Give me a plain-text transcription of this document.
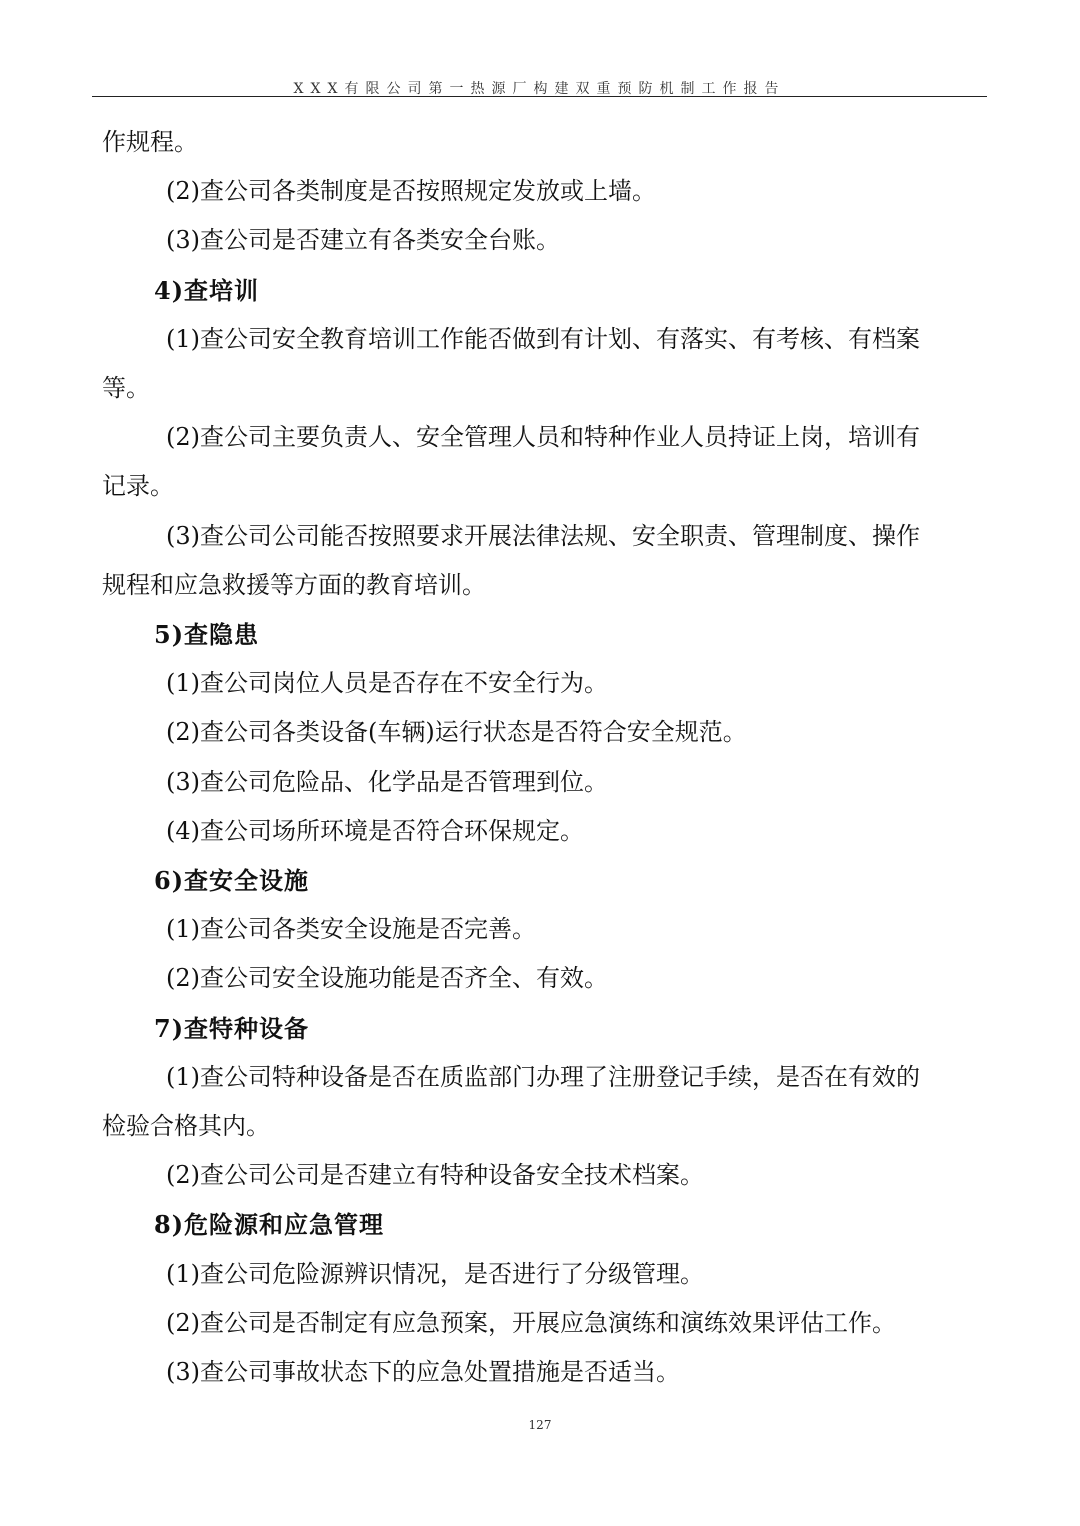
XXX有限公司第一热源厂构建双重预防机制工作报告

作规程。

(2)查公司各类制度是否按照规定发放或上墙。

(3)查公司是否建立有各类安全台账。

4)查培训

(1)查公司安全教育培训工作能否做到有计划、有落实、有考核、有档案

等。

(2)查公司主要负责人、安全管理人员和特种作业人员持证上岗，培训有

记录。

(3)查公司公司能否按照要求开展法律法规、安全职责、管理制度、操作

规程和应急救援等方面的教育培训。

5)查隐患

(1)查公司岗位人员是否存在不安全行为。

(2)查公司各类设备(车辆)运行状态是否符合安全规范。

(3)查公司危险品、化学品是否管理到位。

(4)查公司场所环境是否符合环保规定。

6)查安全设施

(1)查公司各类安全设施是否完善。

(2)查公司安全设施功能是否齐全、有效。

7)查特种设备

(1)查公司特种设备是否在质监部门办理了注册登记手续，是否在有效的

检验合格其内。

(2)查公司公司是否建立有特种设备安全技术档案。

8)危险源和应急管理

(1)查公司危险源辨识情况，是否进行了分级管理。

(2)查公司是否制定有应急预案，开展应急演练和演练效果评估工作。

(3)查公司事故状态下的应急处置措施是否适当。

127
